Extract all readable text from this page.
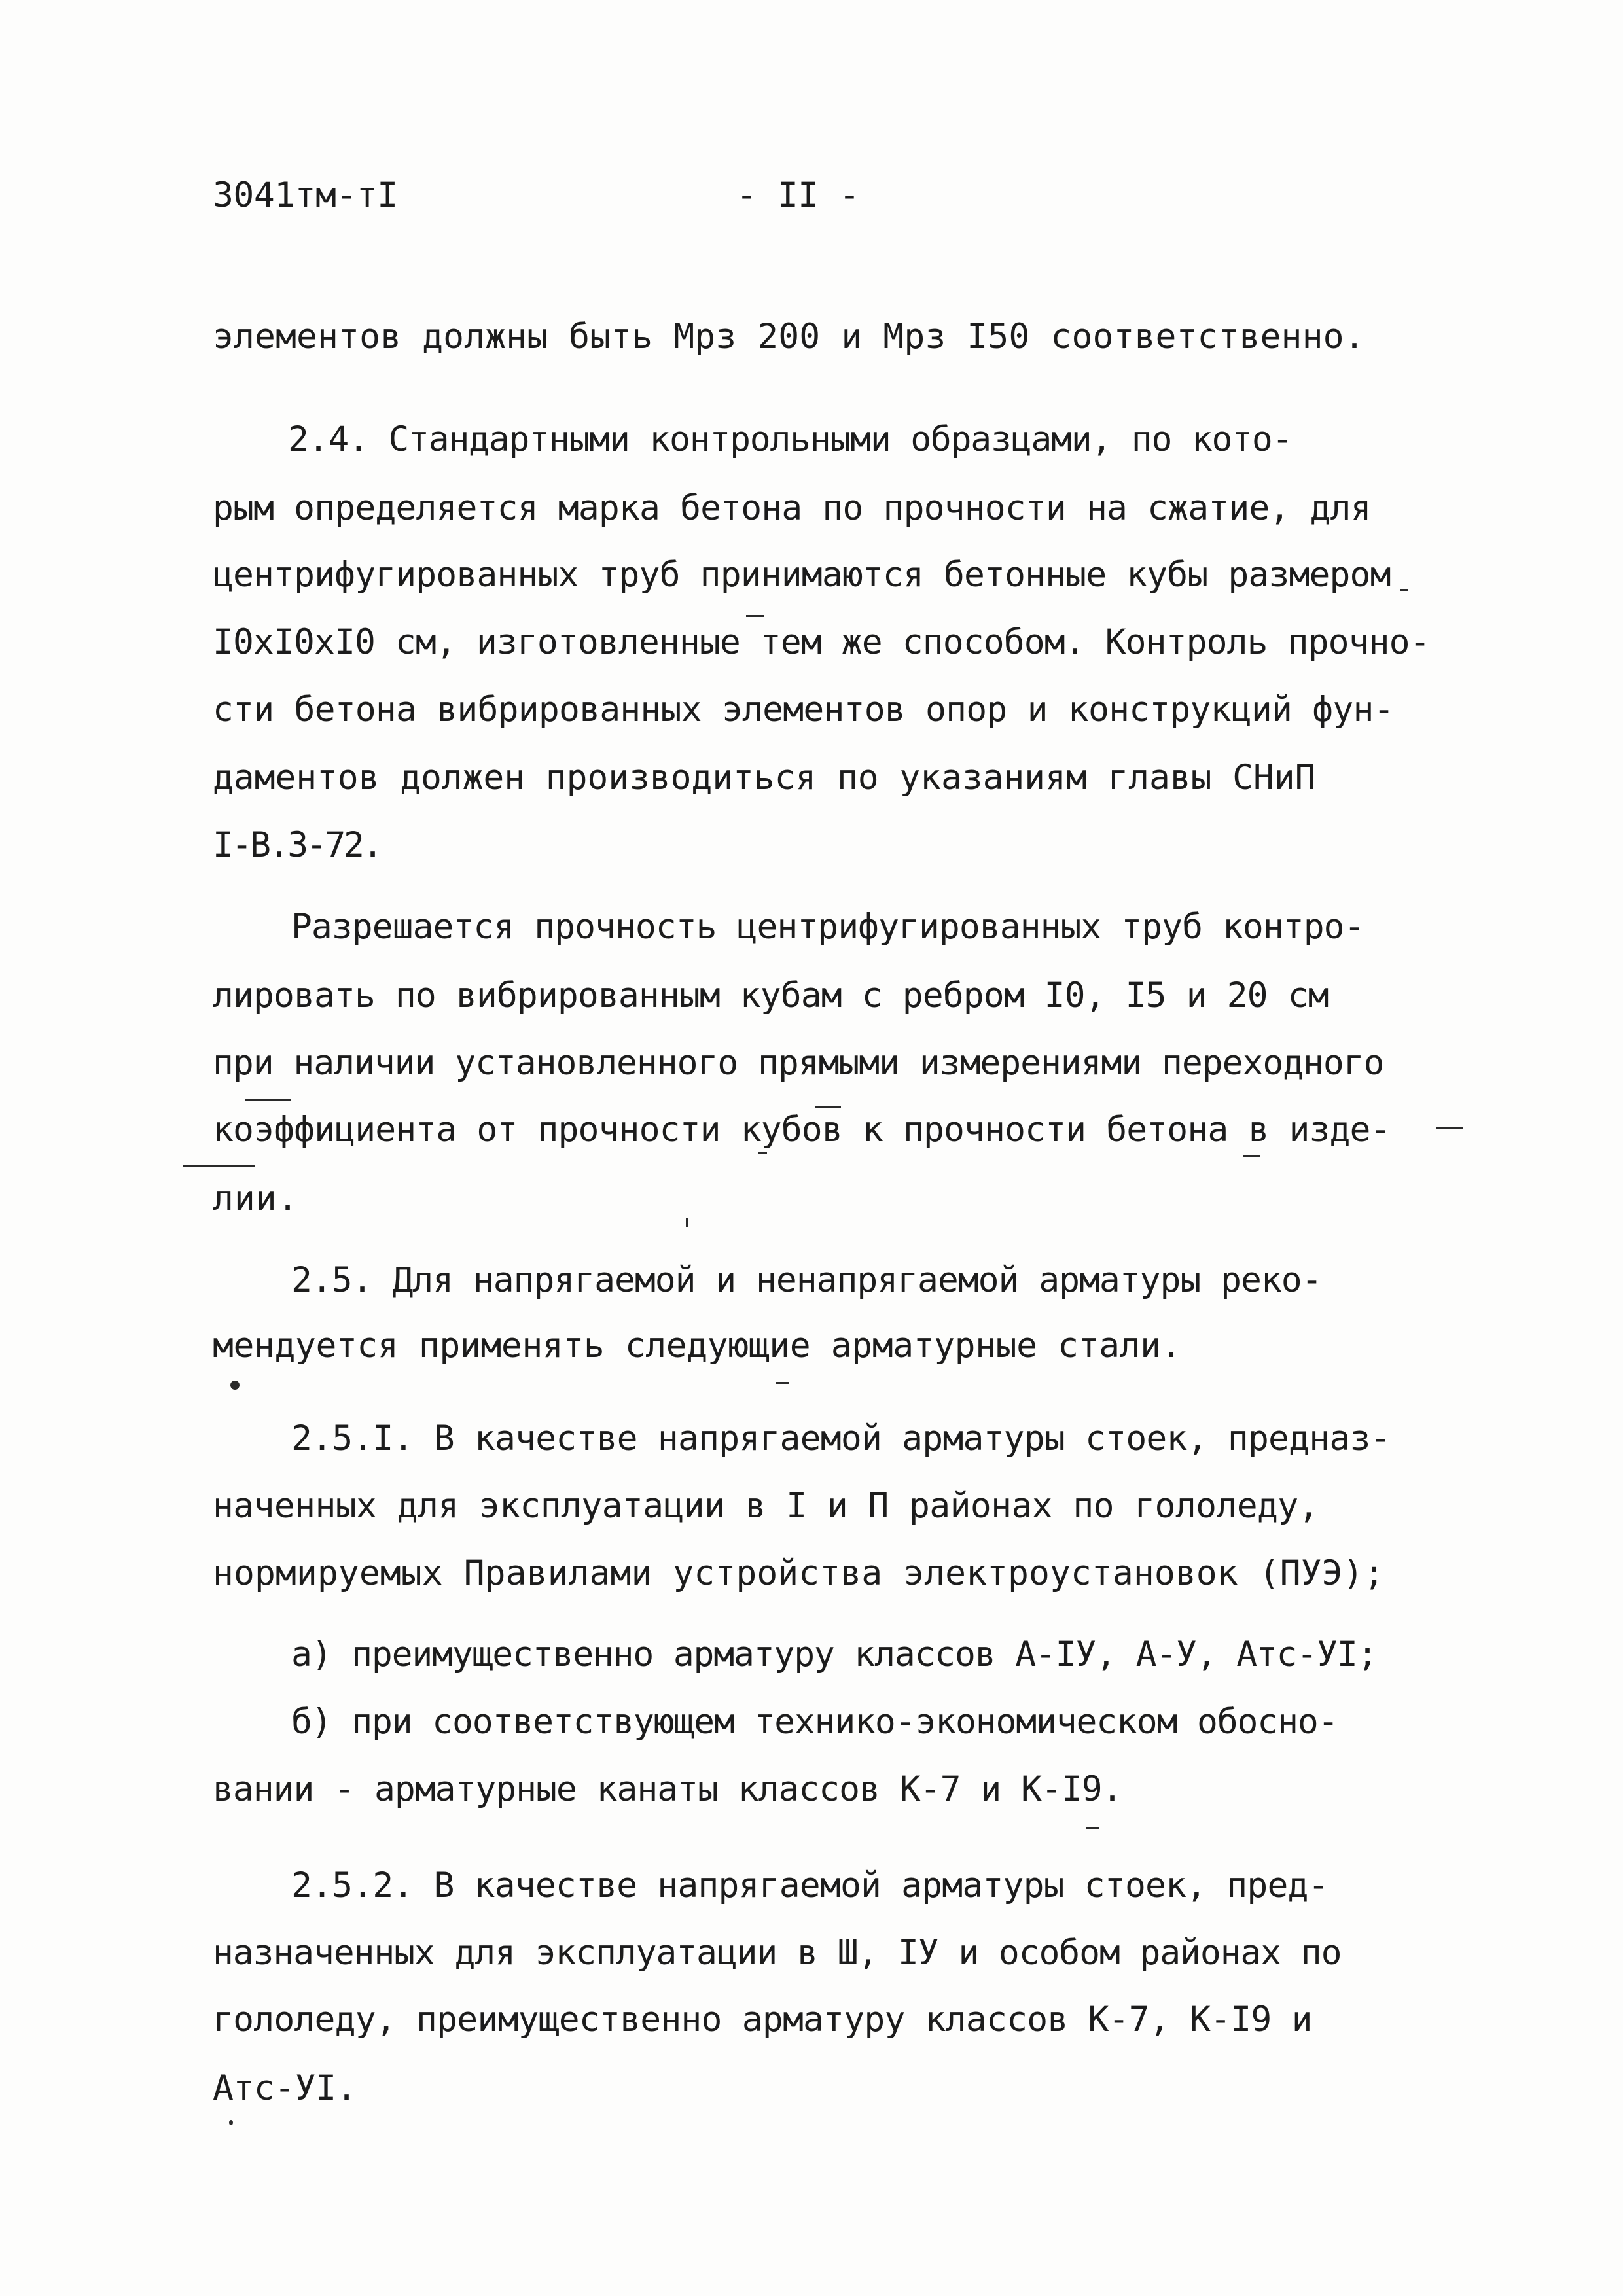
3041тм-тI	- II -
элементов должны быть Мрз 200 и Мрз I50 соответственно.
2.4. Стандартными контрольными образцами, по кото-
рым определяется марка бетона по прочности на сжатие, для
центрифугированных труб принимаются бетонные кубы размером
I0xI0xI0 см, изготовленные тем же способом. Контроль прочно-
сти бетона вибрированных элементов опор и конструкций фун-
даментов должен производиться по указаниям главы СНиП
I-B.3-72.
Разрешается прочность центрифугированных труб контро-
лировать по вибрированным кубам с ребром I0, I5 и 20 см
при наличии установленного прямыми измерениями переходного
коэффициента от прочности кубов к прочности бетона в изде-
лии.
2.5. Для напрягаемой и ненапрягаемой арматуры реко-
мендуется применять следующие арматурные стали.
2.5.I. В качестве напрягаемой арматуры стоек, предназ-
наченных для эксплуатации в I и П районах по гололеду,
нормируемых Правилами устройства электроустановок (ПУЭ);
а) преимущественно арматуру классов А-IУ, А-У, Атс-УI;
б) при соответствующем технико-экономическом обосно-
вании - арматурные канаты классов К-7 и К-I9.
2.5.2. В качестве напрягаемой арматуры стоек, пред-
назначенных для эксплуатации в Ш, IУ и особом районах по
гололеду, преимущественно арматуру классов К-7, К-I9 и
Атс-УI.
